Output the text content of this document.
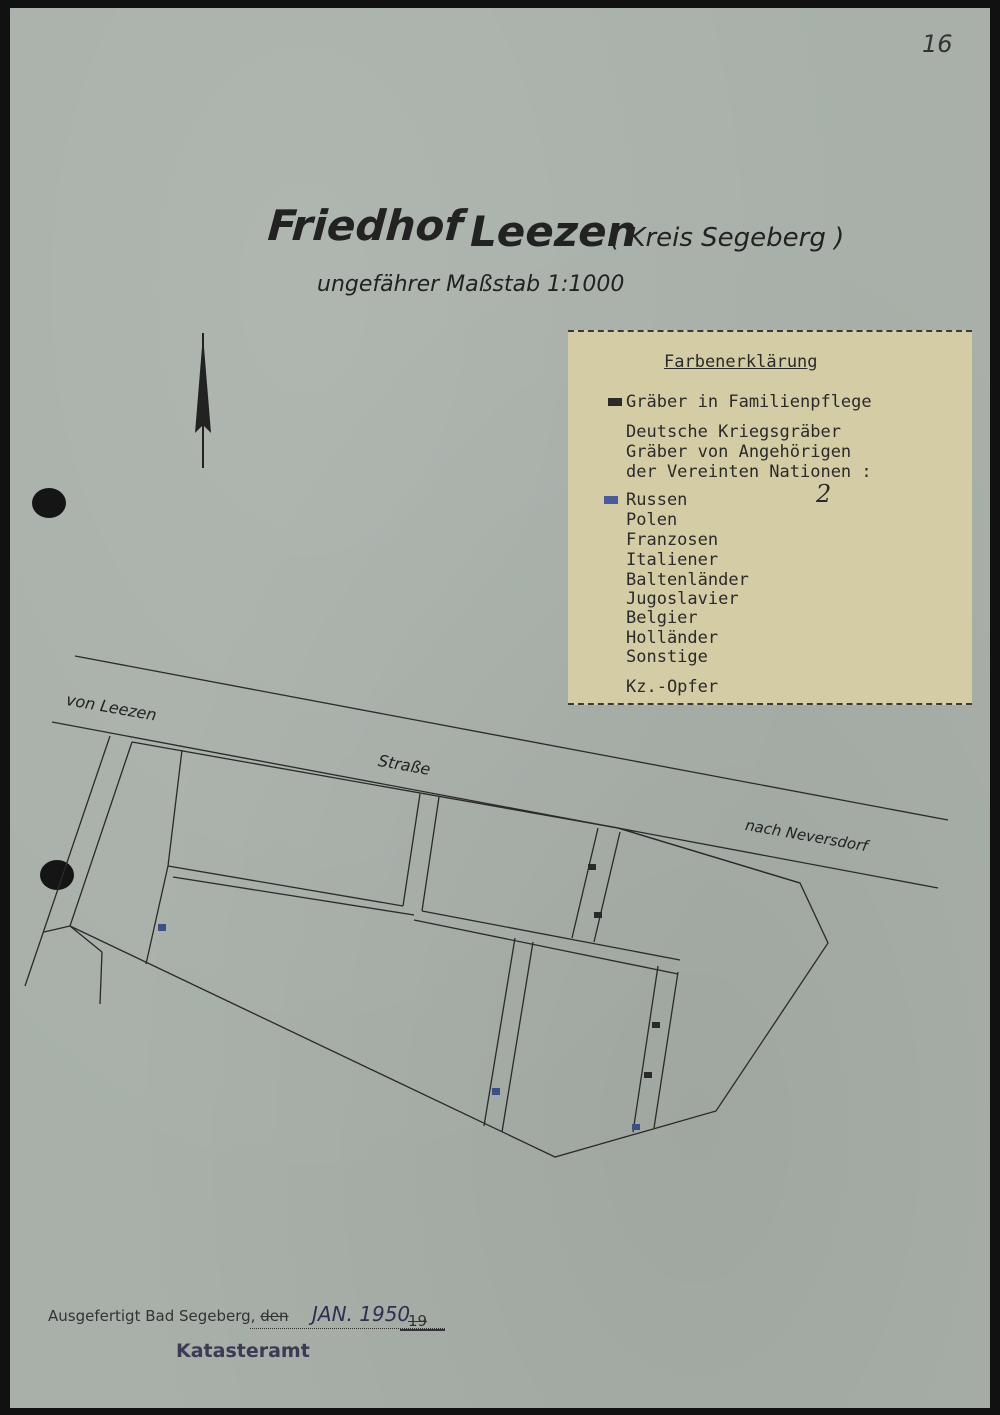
16
Friedhof Leezen
( Kreis Segeberg )
ungefährer Maßstab 1:1000
Farbenerklärung
Gräber in Familienpflege
Deutsche Kriegsgräber
Gräber von Angehörigen
der Vereinten Nationen :
2
Russen
Polen
Franzosen
Italiener
Baltenländer
Jugoslavier
Belgier
Holländer
Sonstige
Kz.-Opfer
von Leezen
Straße
nach Neversdorf
Ausgefertigt Bad Segeberg, den JAN. 1950
19
Katasteramt
